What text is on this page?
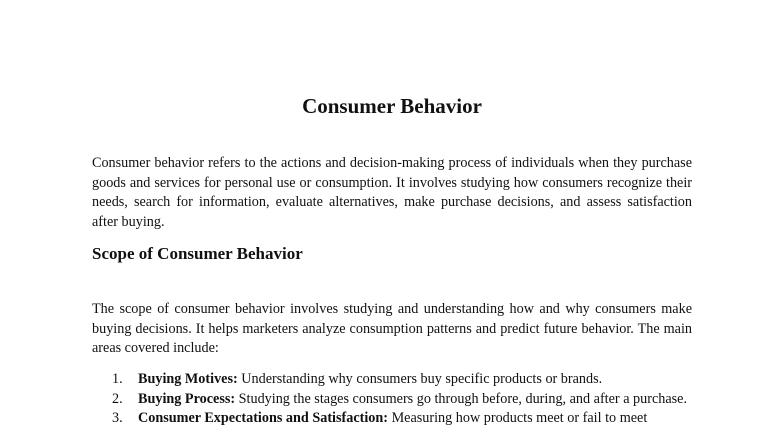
Consumer Behavior

Consumer behavior refers to the actions and decision-making process of individuals when they purchase goods and services for personal use or consumption. It involves studying how consumers recognize their needs, search for information, evaluate alternatives, make purchase decisions, and assess satisfaction after buying.

Scope of Consumer Behavior

The scope of consumer behavior involves studying and understanding how and why consumers make buying decisions. It helps marketers analyze consumption patterns and predict future behavior. The main areas covered include:

1. Buying Motives: Understanding why consumers buy specific products or brands.
2. Buying Process: Studying the stages consumers go through before, during, and after a purchase.
3. Consumer Expectations and Satisfaction: Measuring how products meet or fail to meet
